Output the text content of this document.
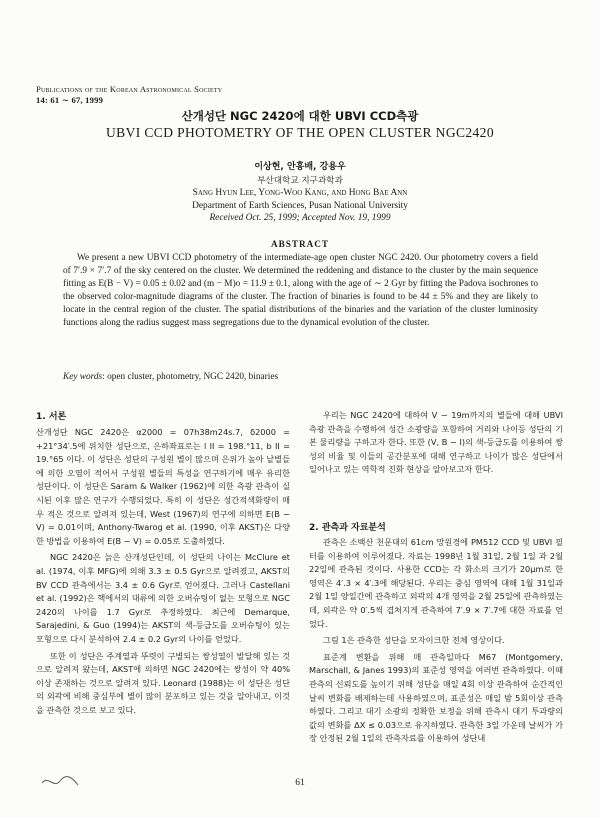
Publications of the Korean Astronomical Society
14: 61 ∼ 67, 1999
산개성단 NGC 2420에 대한 UBVI CCD측광
UBVI CCD PHOTOMETRY OF THE OPEN CLUSTER NGC2420
이상현, 안홍배, 강용우
부산대학교 지구과학과
Sang Hyun Lee, Yong-Woo Kang, and Hong Bae Ann
Department of Earth Sciences, Pusan National University
Received Oct. 25, 1999; Accepted Nov. 19, 1999
ABSTRACT

We present a new UBVI CCD photometry of the intermediate-age open cluster NGC 2420. Our photometry covers a field of 7′.9 × 7′.7 of the sky centered on the cluster. We determined the reddening and distance to the cluster by the main sequence fitting as E(B − V) = 0.05 ± 0.02 and (m − M)o = 11.9 ± 0.1, along with the age of ∼ 2 Gyr by fitting the Padova isochrones to the observed color-magnitude diagrams of the cluster. The fraction of binaries is found to be 44 ± 5% and they are likely to locate in the central region of the cluster. The spatial distributions of the binaries and the variation of the cluster luminosity functions along the radius suggest mass segregations due to the dynamical evolution of the cluster.

Key words: open cluster, photometry, NGC 2420, binaries
1. 서론

산개성단 NGC 2420은 α2000 = 07h38m24s.7, δ2000 = +21°34′.5에 위치한 성단으로, 은하좌표로는 l II = 198.°11, b II = 19.°65 이다. 이 성단은 성단의 구성원 별이 많으며 은위가 높아 낱별들에 의한 오염이 적어서 구성원 별들의 특성을 연구하기에 매우 유리한 성단이다. 이 성단은 Saram & Walker (1962)에 의한 측광 관측이 실시된 이후 많은 연구가 수행되었다. 특히 이 성단은 성간적색화량이 매우 적은 것으로 알려져 있는데, West (1967)의 연구에 의하면 E(B − V) = 0.01이며, Anthony-Twarog et al. (1990, 이후 AKST)은 다양한 방법을 이용하여 E(B − V) = 0.05로 도출하였다.

NGC 2420은 늙은 산개성단인데, 이 성단의 나이는 McClure et al. (1974, 이후 MFG)에 의해 3.3 ± 0.5 Gyr으로 알려졌고, AKST의 BV CCD 관측에서는 3.4 ± 0.6 Gyr로 얻어졌다. 그러나 Castellani et al. (1992)은 핵에서의 대류에 의한 오버슈팅이 없는 모형으로 NGC 2420의 나이를 1.7 Gyr로 추정하였다. 최근에 Demarque, Sarajedini, & Guo (1994)는 AKST의 색-등급도를 오버슈팅이 있는 모형으로 다시 분석하여 2.4 ± 0.2 Gyr의 나이를 얻었다.

또한 이 성단은 주계열과 뚜렷이 구별되는 쌍성열이 발달해 있는 것으로 알려져 왔는데, AKST에 의하면 NGC 2420에는 쌍성이 약 40%이상 존재하는 것으로 알려져 있다. Leonard (1988)는 이 성단은 성단의 외곽에 비해 중심부에 별이 많이 분포하고 있는 것을 알아내고, 이것을 관측한 것으로 보고 있다.

우리는 NGC 2420에 대하여 V ∼ 19m까지의 별들에 대해 UBVI 측광 관측을 수행하여 성간 소광량을 포함하여 거리와 나이등 성단의 기본 물리량을 구하고자 한다. 또한 (V, B − I)의 색-등급도를 이용하여 쌍성의 비율 및 이들의 공간분포에 대해 연구하고 나이가 많은 성단에서 일어나고 있는 역학적 진화 현상을 알아보고자 한다.

2. 관측과 자료분석

관측은 소백산 천문대의 61cm 망원경에 PM512 CCD 및 UBVI 필터를 이용하여 이루어졌다. 자료는 1998년 1월 31일, 2월 1일 과 2월 22일에 관측된 것이다. 사용한 CCD는 각 화소의 크기가 20μm로 한 영역은 4′.3 × 4′.3에 해당된다. 우리는 중심 영역에 대해 1월 31일과 2월 1일 양일간에 관측하고 외곽의 4개 영역을 2월 25일에 관측하였는데, 외곽은 약 0′.5씩 겹쳐지게 관측하여 7′.9 × 7′.7에 대한 자료를 얻었다.

그림 1은 관측한 성단을 모자이크한 전체 영상이다.

표준계 변환을 위해 매 관측일마다 M67 (Montgomery, Marschall, & Janes 1993)의 표준성 영역을 여러번 관측하였다. 이때 관측의 신뢰도를 높이기 위해 성단을 매일 4회 이상 관측하여 순간적인 날씨 변화를 배제하는데 사용하였으며, 표준성은 매일 밤 5회이상 관측하였다. 그리고 대기 소광의 정확한 보정을 위해 관측시 대기 투과량의 값의 변화를 ΔX ≤ 0.03으로 유지하였다. 관측한 3일 가운데 날씨가 가장 안정된 2월 1일의 관측자료를 이용하여 성단내

61
